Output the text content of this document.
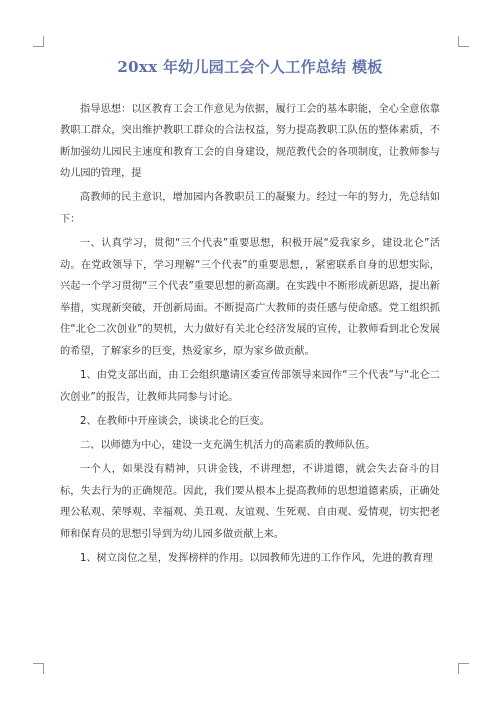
20xx 年幼儿园工会个人工作总结 模板

指导思想：以区教育工会工作意见为依据，履行工会的基本职能，全心全意依靠教职工群众，突出维护教职工群众的合法权益，努力提高教职工队伍的整体素质，不断加强幼儿园民主速度和教育工会的自身建设，规范教代会的各项制度，让教师参与幼儿园的管理，提

高教师的民主意识，增加园内各教职员工的凝聚力。经过一年的努力，先总结如下：

一、认真学习，贯彻“三个代表”重要思想，积极开展“爱我家乡，建设北仑”活动。在党政领导下，学习理解“三个代表”的重要思想，，紧密联系自身的思想实际，兴起一个学习贯彻“三个代表”重要思想的新高潮。在实践中不断形成新思路，提出新举措，实现新突破，开创新局面。不断提高广大教师的责任感与使命感。党工组织抓住“北仑二次创业”的契机，大力做好有关北仑经济发展的宣传，让教师看到北仑发展的希望，了解家乡的巨变，热爱家乡，原为家乡做贡献。

1、由党支部出面，由工会组织邀请区委宣传部领导来园作“三个代表”与“北仑二次创业”的报告，让教师共同参与讨论。

2、在教师中开座谈会，谈谈北仑的巨变。

二、以师德为中心，建设一支充满生机活力的高素质的教师队伍。

一个人，如果没有精神，只讲金钱，不讲理想，不讲道德，就会失去奋斗的目标，失去行为的正确规范。因此，我们要从根本上提高教师的思想道德素质，正确处理公私观、荣辱观、幸福观、美丑观、友谊观、生死观、自由观、爱情观，切实把老师和保育员的思想引导到为幼儿园多做贡献上来。

1、树立岗位之星，发挥榜样的作用。以园教师先进的工作作风，先进的教育理
